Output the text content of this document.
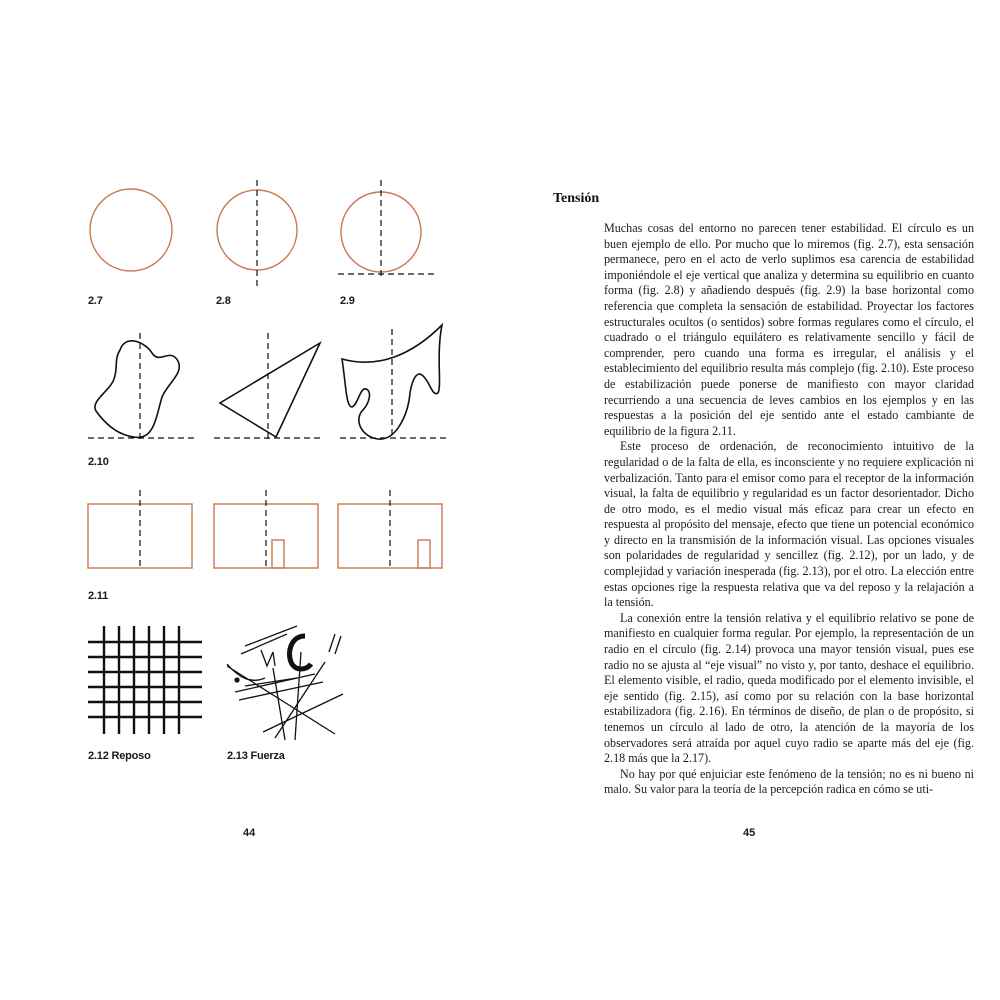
2.7	2.8	2.9
2.10
2.11
2.12 Reposo	2.13 Fuerza
44
Tensión

Muchas cosas del entorno no parecen tener estabilidad. El círculo es un buen ejemplo de ello. Por mucho que lo miremos (fig. 2.7), esta sensación permanece, pero en el acto de verlo suplimos esa carencia de estabilidad imponiéndole el eje vertical que analiza y determina su equilibrio en cuanto forma (fig. 2.8) y añadiendo después (fig. 2.9) la base horizontal como referencia que completa la sensación de estabilidad. Proyectar los factores estructurales ocultos (o sentidos) sobre formas regulares como el círculo, el cuadrado o el triángulo equilátero es relativamente sencillo y fácil de comprender, pero cuando una forma es irregular, el análisis y el establecimiento del equilibrio resulta más complejo (fig. 2.10). Este proceso de estabilización puede ponerse de manifiesto con mayor claridad recurriendo a una secuencia de leves cambios en los ejemplos y en las respuestas a la posición del eje sentido ante el estado cambiante de equilibrio de la figura 2.11.

Este proceso de ordenación, de reconocimiento intuitivo de la regularidad o de la falta de ella, es inconsciente y no requiere explicación ni verbalización. Tanto para el emisor como para el receptor de la información visual, la falta de equilibrio y regularidad es un factor desorientador. Dicho de otro modo, es el medio visual más eficaz para crear un efecto en respuesta al propósito del mensaje, efecto que tiene un potencial económico y directo en la transmisión de la información visual. Las opciones visuales son polaridades de regularidad y sencillez (fig. 2.12), por un lado, y de complejidad y variación inesperada (fig. 2.13), por el otro. La elección entre estas opciones rige la respuesta relativa que va del reposo y la relajación a la tensión.

La conexión entre la tensión relativa y el equilibrio relativo se pone de manifiesto en cualquier forma regular. Por ejemplo, la representación de un radio en el círculo (fig. 2.14) provoca una mayor tensión visual, pues ese radio no se ajusta al “eje visual” no visto y, por tanto, deshace el equilibrio. El elemento visible, el radio, queda modificado por el elemento invisible, el eje sentido (fig. 2.15), así como por su relación con la base horizontal estabilizadora (fig. 2.16). En términos de diseño, de plan o de propósito, si tenemos un círculo al lado de otro, la atención de la mayoría de los observadores será atraída por aquel cuyo radio se aparte más del eje (fig. 2.18 más que la 2.17).

No hay por qué enjuiciar este fenómeno de la tensión; no es ni bueno ni malo. Su valor para la teoría de la percepción radica en cómo se uti-

45
